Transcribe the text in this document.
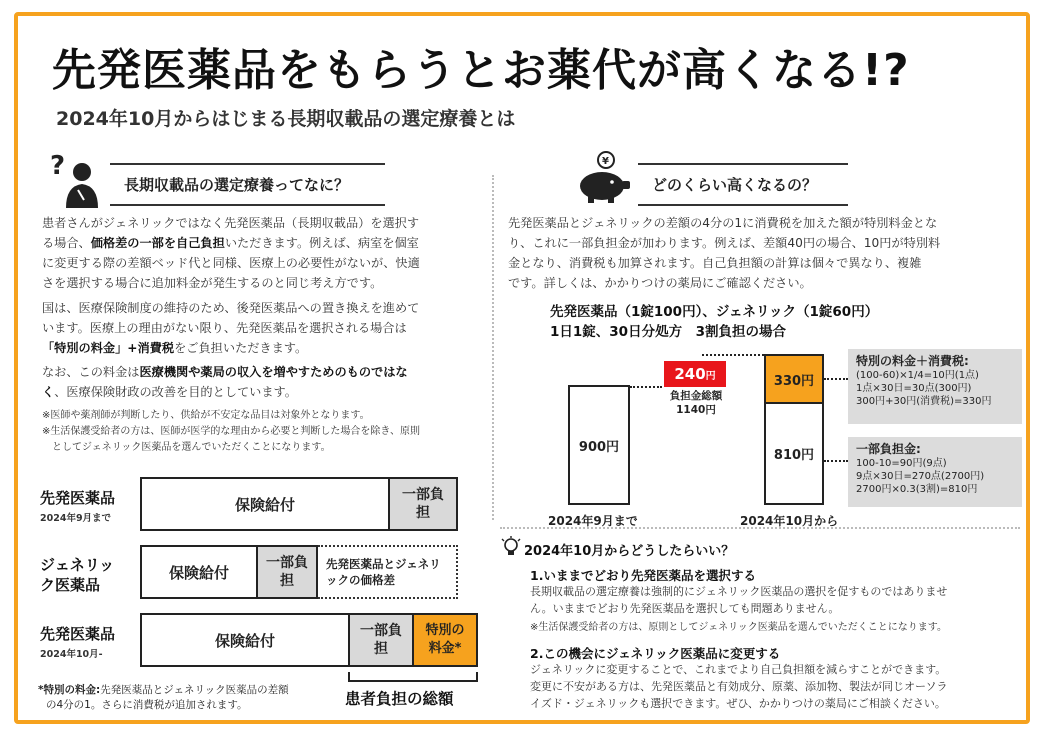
先発医薬品をもらうとお薬代が高くなる!?
2024年10月からはじまる長期収載品の選定療養とは
?
長期収載品の選定療養ってなに？
患者さんがジェネリックではなく先発医薬品（長期収載品）を選択す
る場合、価格差の一部を自己負担いただきます。例えば、病室を個室
に変更する際の差額ベッド代と同様、医療上の必要性がないが、快適
さを選択する場合に追加料金が発生するのと同じ考え方です。
国は、医療保険制度の維持のため、後発医薬品への置き換えを進めて
います。医療上の理由がない限り、先発医薬品を選択される場合は
「特別の料金」+消費税をご負担いただきます。
なお、この料金は医療機関や薬局の収入を増やすためのものではな
く、医療保険財政の改善を目的としています。
※医師や薬剤師が判断したり、供給が不安定な品目は対象外となります。
※生活保護受給者の方は、医師が医学的な理由から必要と判断した場合を除き、原則
としてジェネリック医薬品を選んでいただくことになります。
先発医薬品
2024年9月まで
保険給付
一部負担
ジェネリッ
ク医薬品
保険給付
一部負担
先発医薬品とジェネリックの価格差
先発医薬品
2024年10月-
保険給付
一部負担
特別の料金*
患者負担の総額
*特別の料金:先発医薬品とジェネリック医薬品の差額
の4分の1。さらに消費税が追加されます。
¥
どのくらい高くなるの？
先発医薬品とジェネリックの差額の4分の1に消費税を加えた額が特別料金とな
り、これに一部負担金が加わります。例えば、差額40円の場合、10円が特別料
金となり、消費税も加算されます。自己負担額の計算は個々で異なり、複雑
です。詳しくは、かかりつけの薬局にご確認ください。
先発医薬品（1錠100円）、ジェネリック（1錠60円）
1日1錠、30日分処方　3割負担の場合
900円
2024年9月まで
330円
810円
2024年10月から
240 円
負担金総額
1140円
特別の料金＋消費税:
(100-60)×1/4=10円(1点)
1点×30日=30点(300円)
300円+30円(消費税)=330円
一部負担金:
100-10=90円(9点)
9点×30日=270点(2700円)
2700円×0.3(3割)=810円
2024年10月からどうしたらいい？
1.いままでどおり先発医薬品を選択する
長期収載品の選定療養は強制的にジェネリック医薬品の選択を促すものではありませ
ん。いままでどおり先発医薬品を選択しても問題ありません。
※生活保護受給者の方は、原則としてジェネリック医薬品を選んでいただくことになります。
2.この機会にジェネリック医薬品に変更する
ジェネリックに変更することで、これまでより自己負担額を減らすことができます。
変更に不安がある方は、先発医薬品と有効成分、原薬、添加物、製法が同じオーソラ
イズド・ジェネリックも選択できます。ぜひ、かかりつけの薬局にご相談ください。
